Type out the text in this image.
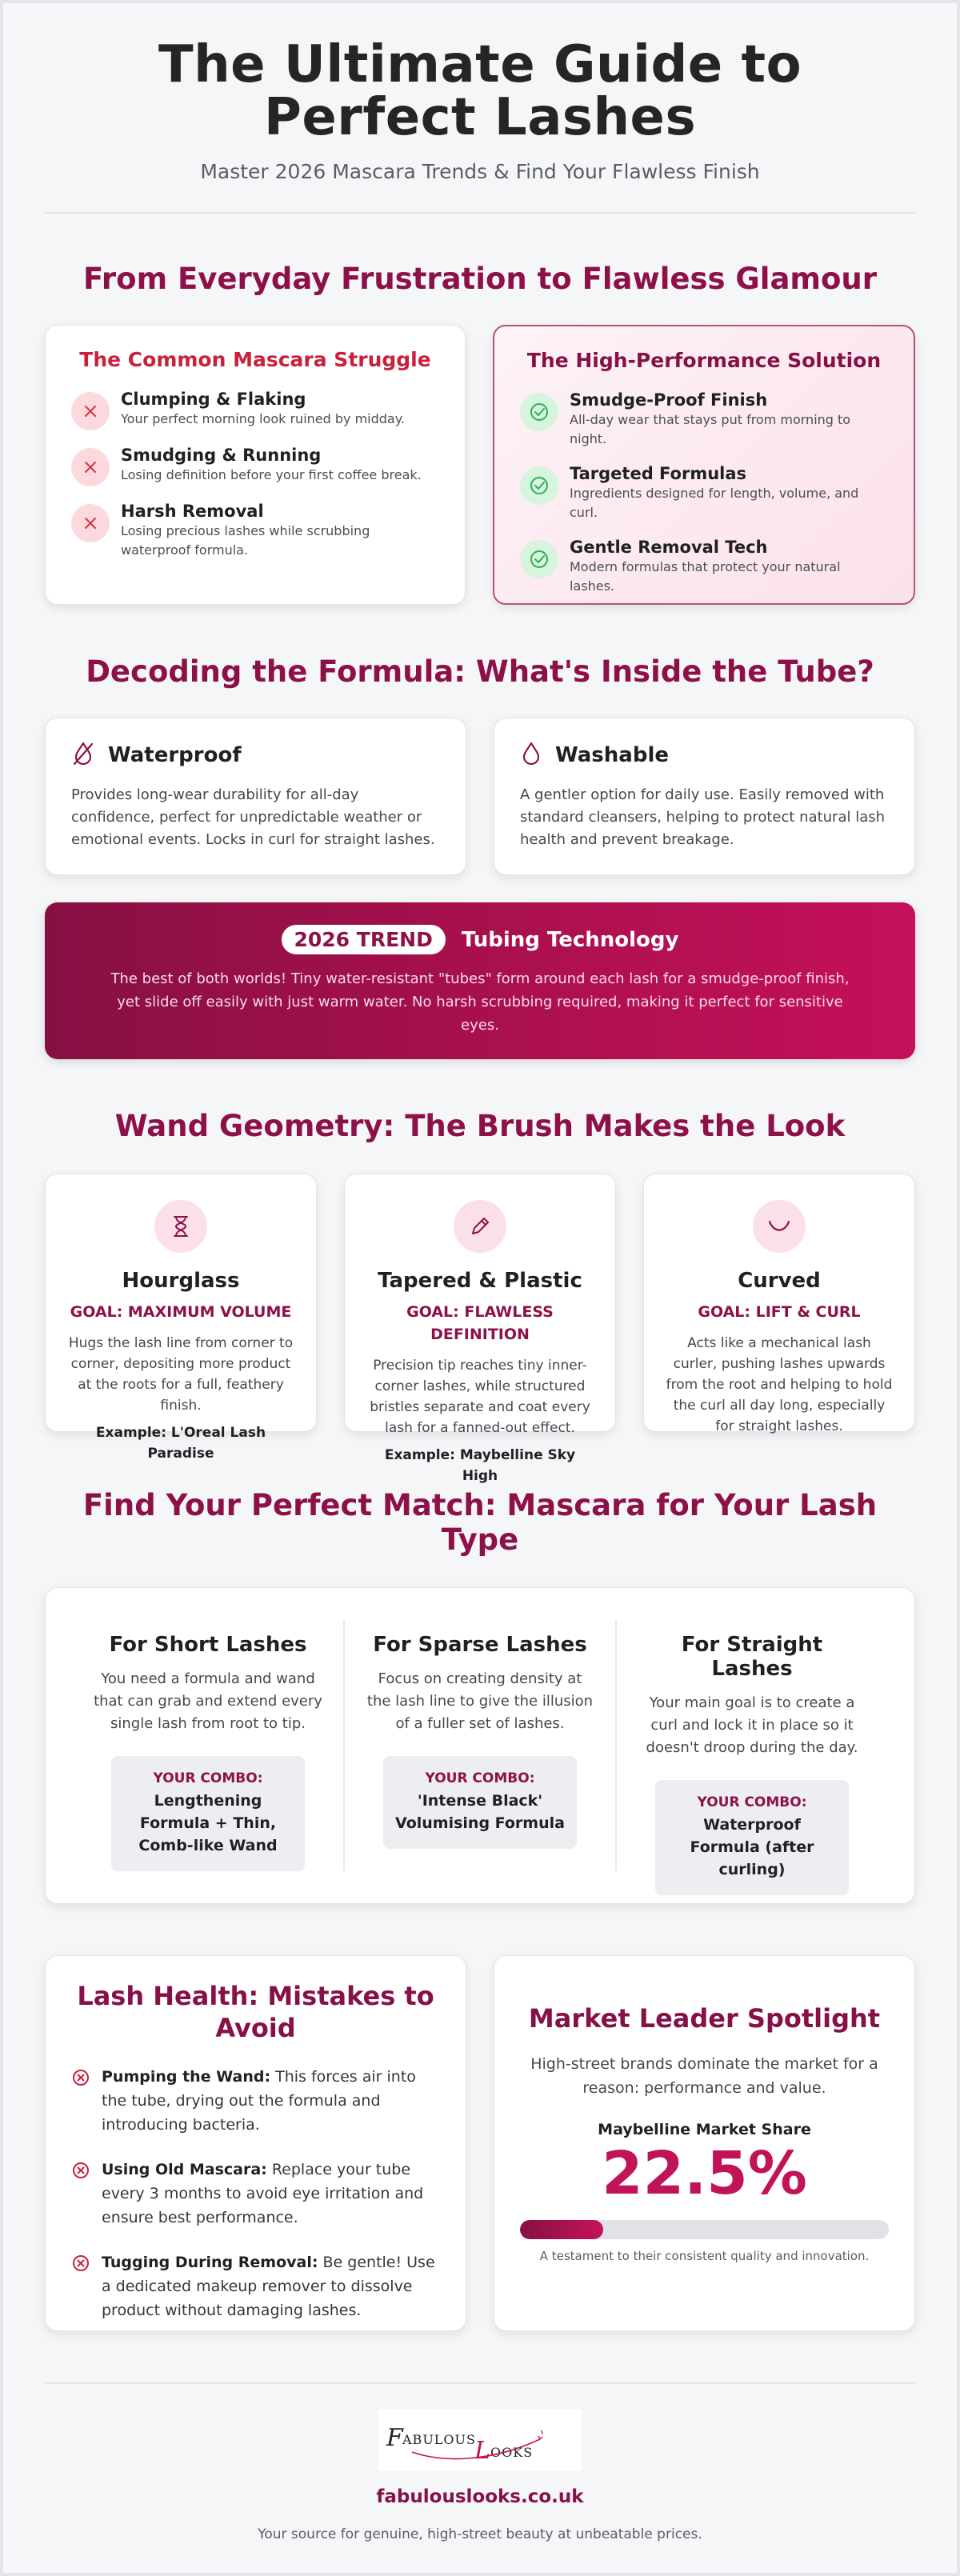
The Ultimate Guide to Perfect Lashes
Master 2026 Mascara Trends & Find Your Flawless Finish
From Everyday Frustration to Flawless Glamour
The Common Mascara Struggle
Clumping & Flaking

Your perfect morning look ruined by midday.

Smudging & Running

Losing definition before your first coffee break.

Harsh Removal

Losing precious lashes while scrubbing waterproof formula.

The High-Performance Solution
Smudge-Proof Finish

All-day wear that stays put from morning to night.

Targeted Formulas

Ingredients designed for length, volume, and curl.

Gentle Removal Tech

Modern formulas that protect your natural lashes.

Decoding the Formula: What's Inside the Tube?
Waterproof

Provides long-wear durability for all-day confidence, perfect for unpredictable weather or emotional events. Locks in curl for straight lashes.

Washable

A gentler option for daily use. Easily removed with standard cleansers, helping to protect natural lash health and prevent breakage.

2026 TREND	Tubing Technology

The best of both worlds! Tiny water-resistant "tubes" form around each lash for a smudge-proof finish, yet slide off easily with just warm water. No harsh scrubbing required, making it perfect for sensitive eyes.

Wand Geometry: The Brush Makes the Look
Hourglass
GOAL: MAXIMUM VOLUME

Hugs the lash line from corner to corner, depositing more product at the roots for a full, feathery finish.

Example: L'Oreal Lash Paradise
Tapered & Plastic
GOAL: FLAWLESS DEFINITION

Precision tip reaches tiny inner-corner lashes, while structured bristles separate and coat every lash for a fanned-out effect.

Example: Maybelline Sky High
Curved
GOAL: LIFT & CURL

Acts like a mechanical lash curler, pushing lashes upwards from the root and helping to hold the curl all day long, especially for straight lashes.

Find Your Perfect Match: Mascara for Your Lash Type
For Short Lashes

You need a formula and wand that can grab and extend every single lash from root to tip.

YOUR COMBO:
Lengthening Formula + Thin, Comb-like Wand
For Sparse Lashes

Focus on creating density at the lash line to give the illusion of a fuller set of lashes.

YOUR COMBO:
'Intense Black' Volumising Formula
For Straight Lashes

Your main goal is to create a curl and lock it in place so it doesn't droop during the day.

YOUR COMBO:
Waterproof Formula (after curling)
Lash Health: Mistakes to Avoid

Pumping the Wand: This forces air into the tube, drying out the formula and introducing bacteria.

Using Old Mascara: Replace your tube every 3 months to avoid eye irritation and ensure best performance.

Tugging During Removal: Be gentle! Use a dedicated makeup remover to dissolve product without damaging lashes.

Market Leader Spotlight

High-street brands dominate the market for a reason: performance and value.

Maybelline Market Share
22.5%
A testament to their consistent quality and innovation.
F ABULOUS
L OOKS
fabulouslooks.co.uk
Your source for genuine, high-street beauty at unbeatable prices.
